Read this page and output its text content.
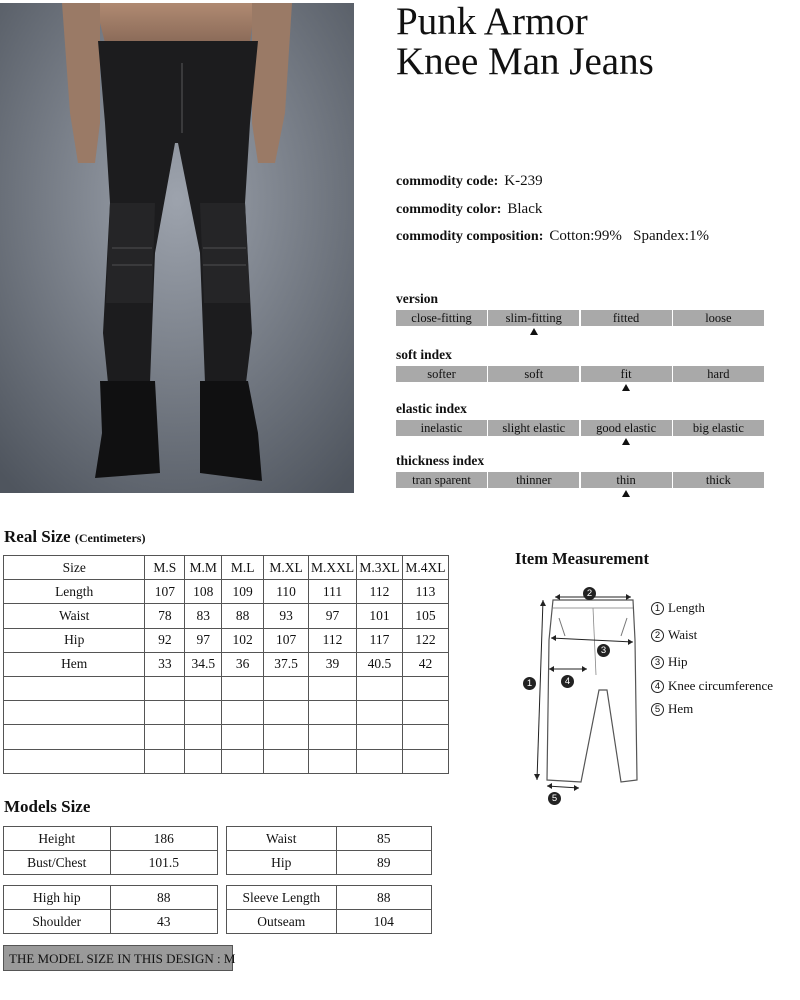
Punk Armor
Knee Man Jeans
commodity code: K-239
commodity color: Black
commodity composition: Cotton:99%   Spandex:1%
version
close-fitting	slim-fitting	fitted	loose
soft index
softer	soft	fit	hard
elastic index
inelastic	slight elastic	good elastic	big elastic
thickness index
tran sparent	thinner	thin	thick
Real Size (Centimeters)
Size	M.S	M.M	M.L	M.XL	M.XXL	M.3XL	M.4XL
Length	107	108	109	110	111	112	113
Waist	78	83	88	93	97	101	105
Hip	92	97	102	107	112	117	122
Hem	33	34.5	36	37.5	39	40.5	42

Models Size
Height	186
Bust/Chest	101.5
Waist	85
Hip	89
High hip	88
Shoulder	43
Sleeve Length	88
Outseam	104
THE MODEL SIZE IN THIS DESIGN : M
Item Measurement
2
3
4
1
5
1 Length
2 Waist
3 Hip
4 Knee circumference
5 Hem
